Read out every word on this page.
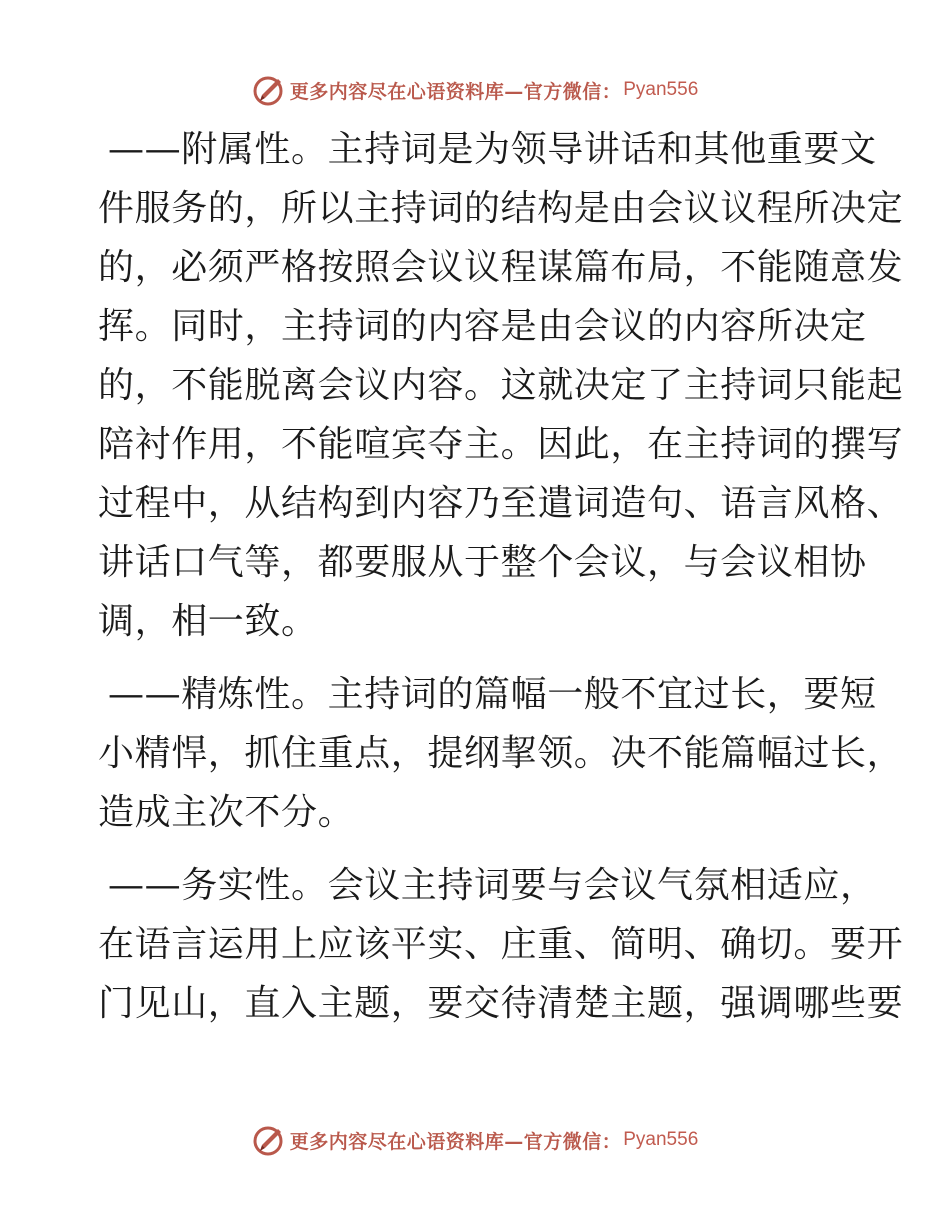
更多内容尽在心语资料库—官方微信： Pyan556
——附属性。主持词是为领导讲话和其他重要文
件服务的，所以主持词的结构是由会议议程所决定
的，必须严格按照会议议程谋篇布局，不能随意发
挥。同时，主持词的内容是由会议的内容所决定
的，不能脱离会议内容。这就决定了主持词只能起
陪衬作用，不能喧宾夺主。因此，在主持词的撰写
过程中，从结构到内容乃至遣词造句、语言风格、
讲话口气等，都要服从于整个会议，与会议相协
调，相一致。
——精炼性。主持词的篇幅一般不宜过长，要短
小精悍，抓住重点，提纲挈领。决不能篇幅过长，
造成主次不分。
——务实性。会议主持词要与会议气氛相适应，
在语言运用上应该平实、庄重、简明、确切。要开
门见山，直入主题，要交待清楚主题，强调哪些要
更多内容尽在心语资料库—官方微信： Pyan556
